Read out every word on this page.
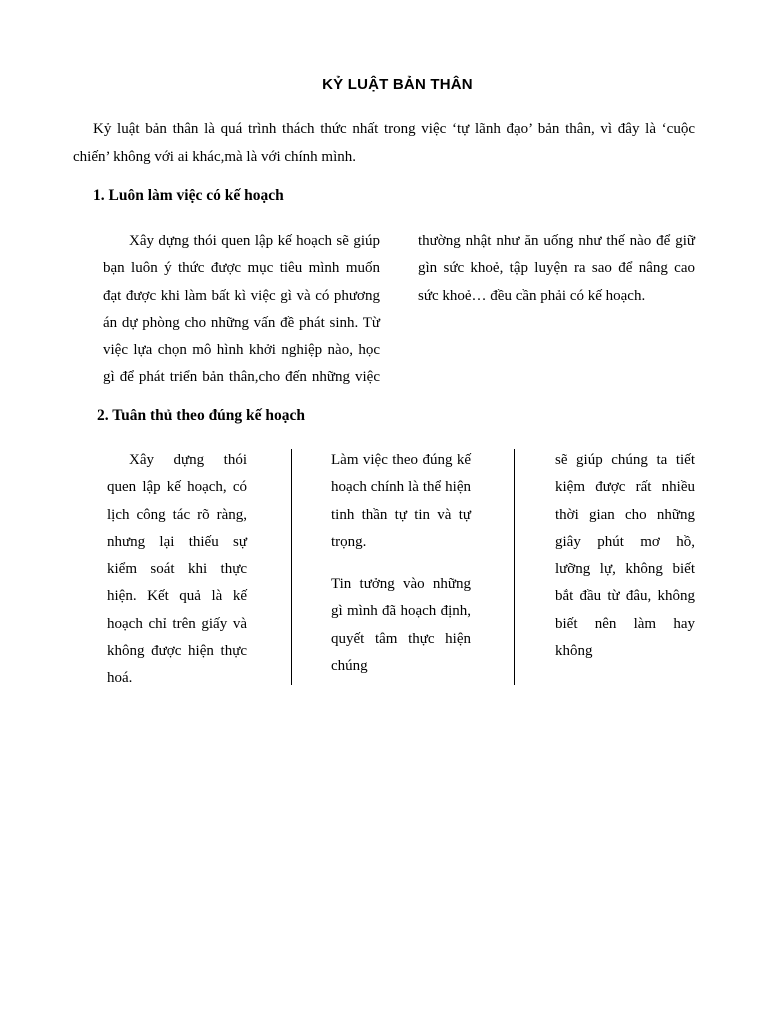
KỶ LUẬT BẢN THÂN

Kỷ luật bản thân là quá trình thách thức nhất trong việc ‘tự lãnh đạo’ bản thân, vì đây là ‘cuộc chiến’ không với ai khác,mà là với chính mình.

1. Luôn làm việc có kế hoạch

Xây dựng thói quen lập kế hoạch sẽ giúp bạn luôn ý thức được mục tiêu mình muốn đạt được khi làm bất kì việc gì và có phương án dự phòng cho những vấn đề phát sinh. Từ việc lựa chọn mô hình khởi nghiệp nào, học gì để phát triển bản thân,cho đến những việc thường nhật như ăn uống như thế nào để giữ gìn sức khoẻ, tập luyện ra sao để nâng cao sức khoẻ… đều cần phải có kế hoạch.

2. Tuân thủ theo đúng kế hoạch

Xây dựng thói quen lập kế hoạch, có lịch công tác rõ ràng, nhưng lại thiếu sự kiểm soát khi thực hiện. Kết quả là kế hoạch chỉ trên giấy và không được hiện thực hoá.

Làm việc theo đúng kế hoạch chính là thể hiện tinh thần tự tin và tự trọng.

Tin tưởng vào những gì mình đã hoạch định, quyết tâm thực hiện chúng

sẽ giúp chúng ta tiết kiệm được rất nhiều thời gian cho những giây phút mơ hồ, lưỡng lự, không biết bắt đầu từ đâu, không biết nên làm hay không
